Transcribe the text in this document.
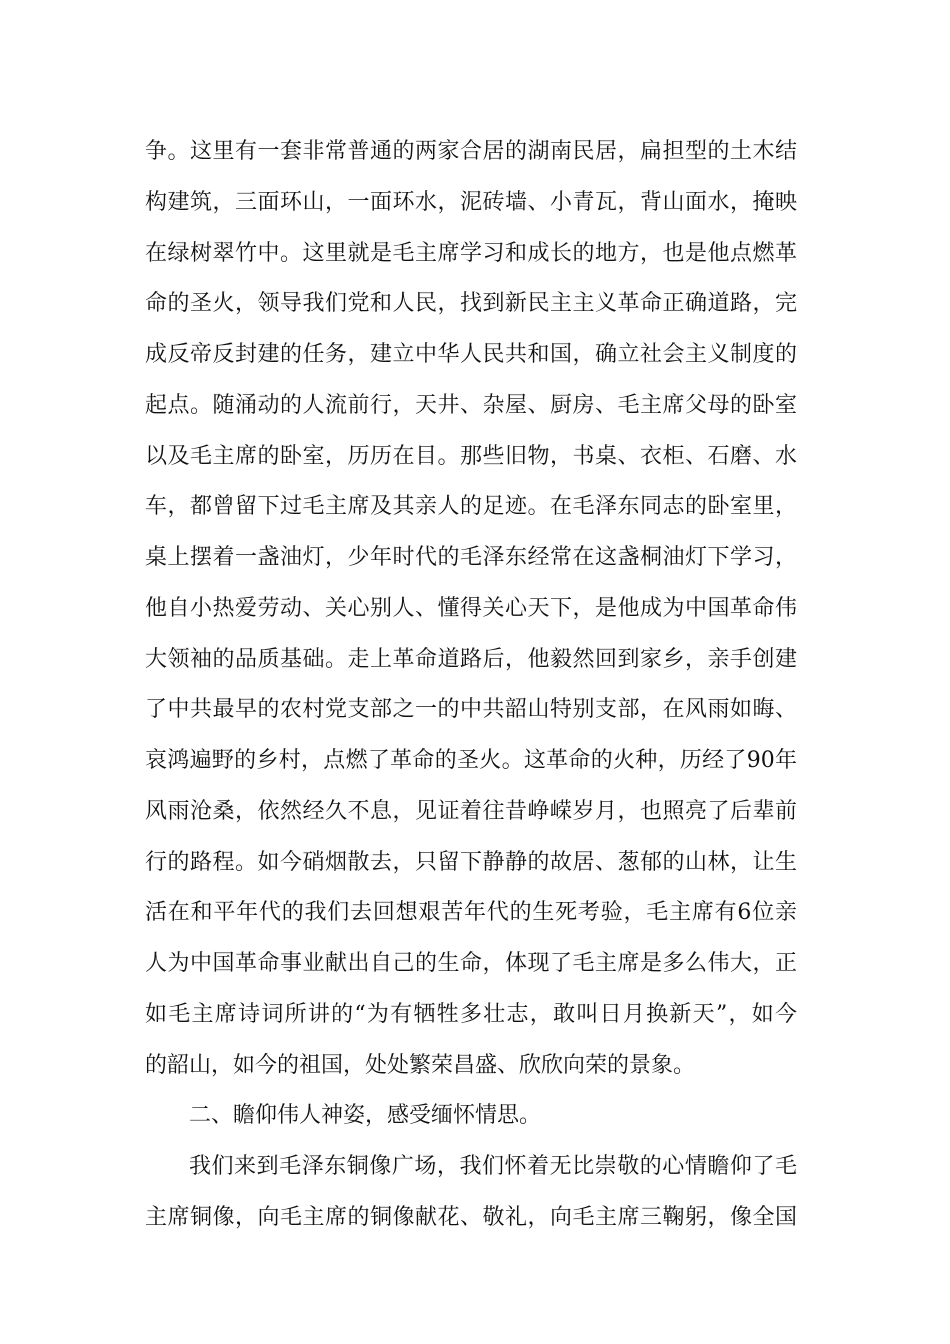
争。这里有一套非常普通的两家合居的湖南民居，扁担型的土木结
构建筑，三面环山，一面环水，泥砖墙、小青瓦，背山面水，掩映
在绿树翠竹中。这里就是毛主席学习和成长的地方，也是他点燃革
命的圣火，领导我们党和人民，找到新民主主义革命正确道路，完
成反帝反封建的任务，建立中华人民共和国，确立社会主义制度的
起点。随涌动的人流前行，天井、杂屋、厨房、毛主席父母的卧室
以及毛主席的卧室，历历在目。那些旧物，书桌、衣柜、石磨、水
车，都曾留下过毛主席及其亲人的足迹。在毛泽东同志的卧室里，
桌上摆着一盏油灯，少年时代的毛泽东经常在这盏桐油灯下学习，
他自小热爱劳动、关心别人、懂得关心天下，是他成为中国革命伟
大领袖的品质基础。走上革命道路后，他毅然回到家乡，亲手创建
了中共最早的农村党支部之一的中共韶山特别支部，在风雨如晦、
哀鸿遍野的乡村，点燃了革命的圣火。这革命的火种，历经了90年
风雨沧桑，依然经久不息，见证着往昔峥嵘岁月，也照亮了后辈前
行的路程。如今硝烟散去，只留下静静的故居、葱郁的山林，让生
活在和平年代的我们去回想艰苦年代的生死考验，毛主席有6位亲
人为中国革命事业献出自己的生命，体现了毛主席是多么伟大，正
如毛主席诗词所讲的“为有牺牲多壮志，敢叫日月换新天”，如今
的韶山，如今的祖国，处处繁荣昌盛、欣欣向荣的景象。
二、瞻仰伟人神姿，感受缅怀情思。
我们来到毛泽东铜像广场，我们怀着无比崇敬的心情瞻仰了毛
主席铜像，向毛主席的铜像献花、敬礼，向毛主席三鞠躬，像全国
